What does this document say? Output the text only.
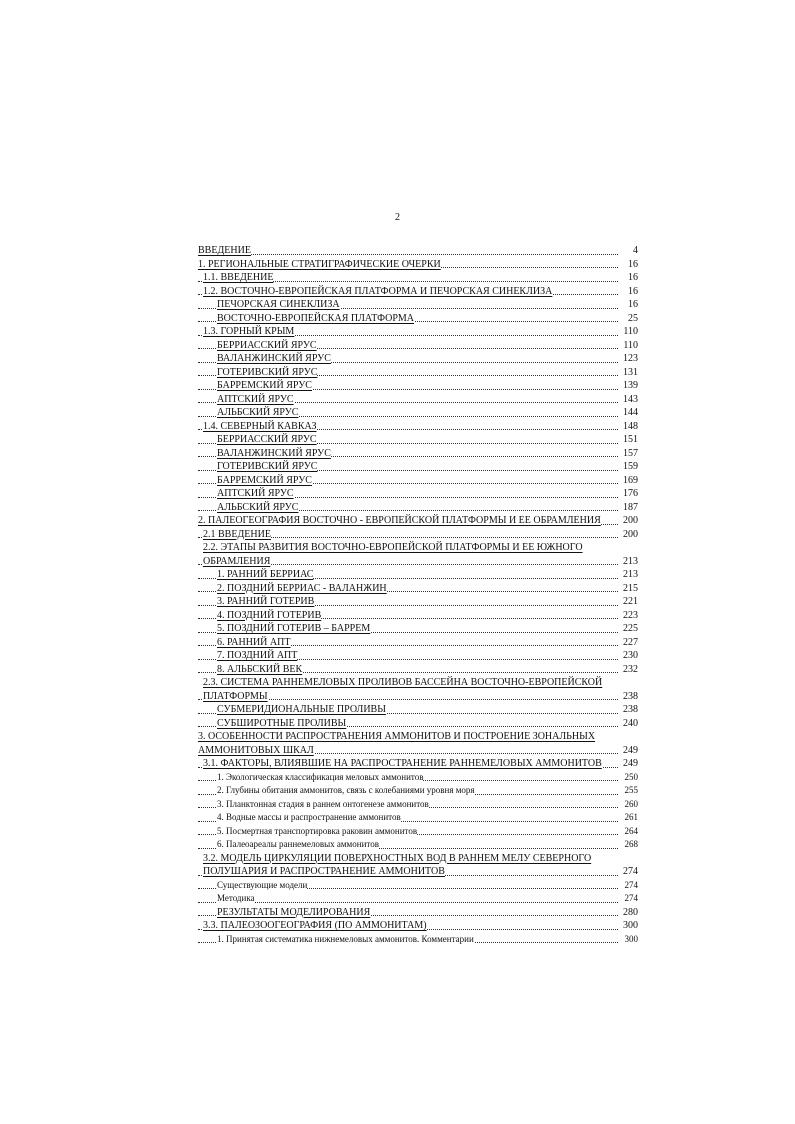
2
ВВЕДЕНИЕ	4
1. РЕГИОНАЛЬНЫЕ СТРАТИГРАФИЧЕСКИЕ ОЧЕРКИ	16
1.1. ВВЕДЕНИЕ	16
1.2. ВОСТОЧНО-ЕВРОПЕЙСКАЯ ПЛАТФОРМА И ПЕЧОРСКАЯ СИНЕКЛИЗА	16
ПЕЧОРСКАЯ СИНЕКЛИЗА	16
ВОСТОЧНО-ЕВРОПЕЙСКАЯ ПЛАТФОРМА	25
1.3. ГОРНЫЙ КРЫМ	110
БЕРРИАССКИЙ ЯРУС	110
ВАЛАНЖИНСКИЙ ЯРУС	123
ГОТЕРИВСКИЙ ЯРУС	131
БАРРЕМСКИЙ ЯРУС	139
АПТСКИЙ ЯРУС	143
АЛЬБСКИЙ ЯРУС	144
1.4. СЕВЕРНЫЙ КАВКАЗ	148
БЕРРИАССКИЙ ЯРУС	151
ВАЛАНЖИНСКИЙ ЯРУС	157
ГОТЕРИВСКИЙ ЯРУС	159
БАРРЕМСКИЙ ЯРУС	169
АПТСКИЙ ЯРУС	176
АЛЬБСКИЙ ЯРУС	187
2. ПАЛЕОГЕОГРАФИЯ ВОСТОЧНО - ЕВРОПЕЙСКОЙ ПЛАТФОРМЫ И ЕЕ ОБРАМЛЕНИЯ 200
2.1 ВВЕДЕНИЕ	200
2.2. ЭТАПЫ РАЗВИТИЯ ВОСТОЧНО-ЕВРОПЕЙСКОЙ ПЛАТФОРМЫ И ЕЕ ЮЖНОГО ОБРАМЛЕНИЯ	213
1. РАННИЙ БЕРРИАС	213
2. ПОЗДНИЙ БЕРРИАС - ВАЛАНЖИН	215
3. РАННИЙ ГОТЕРИВ	221
4. ПОЗДНИЙ ГОТЕРИВ	223
5. ПОЗДНИЙ ГОТЕРИВ – БАРРЕМ	225
6. РАННИЙ АПТ	227
7. ПОЗДНИЙ АПТ	230
8. АЛЬБСКИЙ ВЕК	232
2.3. СИСТЕМА РАННЕМЕЛОВЫХ ПРОЛИВОВ БАССЕЙНА ВОСТОЧНО-ЕВРОПЕЙСКОЙ ПЛАТФОРМЫ	238
СУБМЕРИДИОНАЛЬНЫЕ ПРОЛИВЫ	238
СУБШИРОТНЫЕ ПРОЛИВЫ	240
3. ОСОБЕННОСТИ РАСПРОСТРАНЕНИЯ АММОНИТОВ И ПОСТРОЕНИЕ ЗОНАЛЬНЫХ АММОНИТОВЫХ ШКАЛ	249
3.1. ФАКТОРЫ, ВЛИЯВШИЕ НА РАСПРОСТРАНЕНИЕ РАННЕМЕЛОВЫХ АММОНИТОВ 249
1. Экологическая классификация меловых аммонитов	250
2. Глубины обитания аммонитов, связь с колебаниями уровня моря	255
3. Планктонная стадия в раннем онтогенезе аммонитов	260
4. Водные массы и распространение аммонитов	261
5. Посмертная транспортировка раковин аммонитов	264
6. Палеоареалы раннемеловых аммонитов	268
3.2. МОДЕЛЬ ЦИРКУЛЯЦИИ ПОВЕРХНОСТНЫХ ВОД В РАННЕМ МЕЛУ СЕВЕРНОГО ПОЛУШАРИЯ И РАСПРОСТРАНЕНИЕ АММОНИТОВ	274
Существующие модели	274
Методика	274
РЕЗУЛЬТАТЫ МОДЕЛИРОВАНИЯ	280
3.3. ПАЛЕОЗООГЕОГРАФИЯ (ПО АММОНИТАМ)	300
1. Принятая систематика нижнемеловых аммонитов. Комментарии	300
